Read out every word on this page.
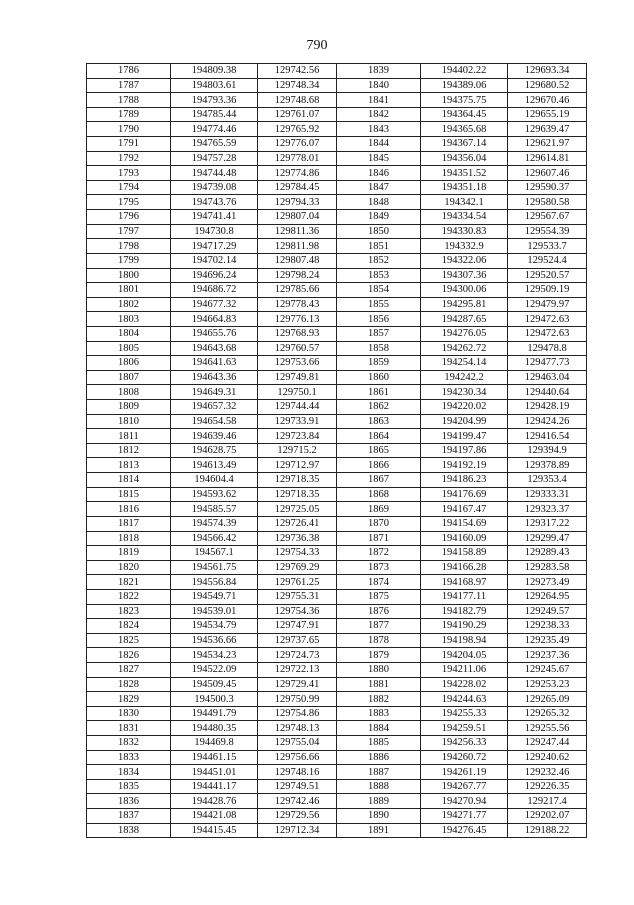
790
1786	194809.38	129742.56	1839	194402.22	129693.34
1787	194803.61	129748.34	1840	194389.06	129680.52
1788	194793.36	129748.68	1841	194375.75	129670.46
1789	194785.44	129761.07	1842	194364.45	129655.19
1790	194774.46	129765.92	1843	194365.68	129639.47
1791	194765.59	129776.07	1844	194367.14	129621.97
1792	194757.28	129778.01	1845	194356.04	129614.81
1793	194744.48	129774.86	1846	194351.52	129607.46
1794	194739.08	129784.45	1847	194351.18	129590.37
1795	194743.76	129794.33	1848	194342.1	129580.58
1796	194741.41	129807.04	1849	194334.54	129567.67
1797	194730.8	129811.36	1850	194330.83	129554.39
1798	194717.29	129811.98	1851	194332.9	129533.7
1799	194702.14	129807.48	1852	194322.06	129524.4
1800	194696.24	129798.24	1853	194307.36	129520.57
1801	194686.72	129785.66	1854	194300.06	129509.19
1802	194677.32	129778.43	1855	194295.81	129479.97
1803	194664.83	129776.13	1856	194287.65	129472.63
1804	194655.76	129768.93	1857	194276.05	129472.63
1805	194643.68	129760.57	1858	194262.72	129478.8
1806	194641.63	129753.66	1859	194254.14	129477.73
1807	194643.36	129749.81	1860	194242.2	129463.04
1808	194649.31	129750.1	1861	194230.34	129440.64
1809	194657.32	129744.44	1862	194220.02	129428.19
1810	194654.58	129733.91	1863	194204.99	129424.26
1811	194639.46	129723.84	1864	194199.47	129416.54
1812	194628.75	129715.2	1865	194197.86	129394.9
1813	194613.49	129712.97	1866	194192.19	129378.89
1814	194604.4	129718.35	1867	194186.23	129353.4
1815	194593.62	129718.35	1868	194176.69	129333.31
1816	194585.57	129725.05	1869	194167.47	129323.37
1817	194574.39	129726.41	1870	194154.69	129317.22
1818	194566.42	129736.38	1871	194160.09	129299.47
1819	194567.1	129754.33	1872	194158.89	129289.43
1820	194561.75	129769.29	1873	194166.28	129283.58
1821	194556.84	129761.25	1874	194168.97	129273.49
1822	194549.71	129755.31	1875	194177.11	129264.95
1823	194539.01	129754.36	1876	194182.79	129249.57
1824	194534.79	129747.91	1877	194190.29	129238.33
1825	194536.66	129737.65	1878	194198.94	129235.49
1826	194534.23	129724.73	1879	194204.05	129237.36
1827	194522.09	129722.13	1880	194211.06	129245.67
1828	194509.45	129729.41	1881	194228.02	129253.23
1829	194500.3	129750.99	1882	194244.63	129265.09
1830	194491.79	129754.86	1883	194255.33	129265.32
1831	194480.35	129748.13	1884	194259.51	129255.56
1832	194469.8	129755.04	1885	194256.33	129247.44
1833	194461.15	129756.66	1886	194260.72	129240.62
1834	194451.01	129748.16	1887	194261.19	129232.46
1835	194441.17	129749.51	1888	194267.77	129226.35
1836	194428.76	129742.46	1889	194270.94	129217.4
1837	194421.08	129729.56	1890	194271.77	129202.07
1838	194415.45	129712.34	1891	194276.45	129188.22
